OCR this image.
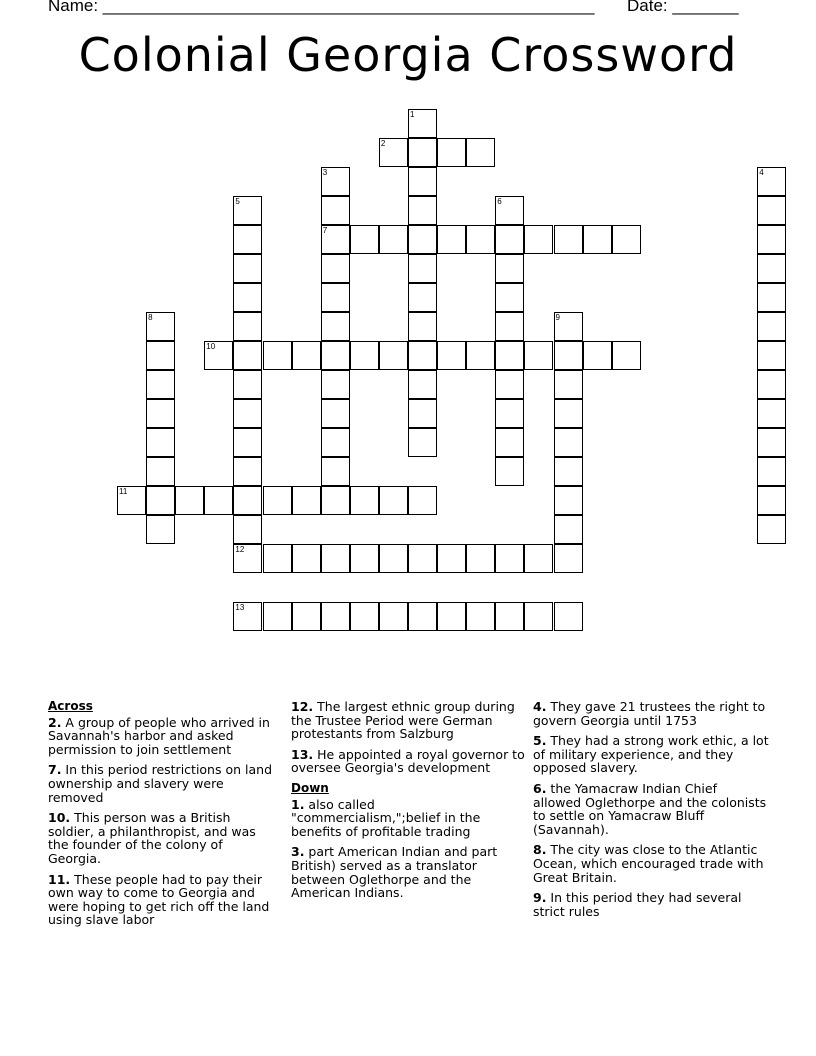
Name: ____________________________________________________ Date: _______
Colonial Georgia Crossword
1
2
3
7
4
5
12
6
8	9
10
11
13
Across
2. A group of people who arrived in Savannah's harbor and asked permission to join settlement
7. In this period restrictions on land ownership and slavery were removed
10. This person was a British soldier, a philanthropist, and was the founder of the colony of Georgia.
11. These people had to pay their own way to come to Georgia and were hoping to get rich off the land using slave labor
12. The largest ethnic group during the Trustee Period were German protestants from Salzburg
13. He appointed a royal governor to oversee Georgia's development
Down
1. also called "commercialism,";belief in the benefits of profitable trading
3. part American Indian and part British) served as a translator between Oglethorpe and the American Indians.
4. They gave 21 trustees the right to govern Georgia until 1753
5. They had a strong work ethic, a lot of military experience, and they opposed slavery.
6. the Yamacraw Indian Chief allowed Oglethorpe and the colonists to settle on Yamacraw Bluff (Savannah).
8. The city was close to the Atlantic Ocean, which encouraged trade with Great Britain.
9. In this period they had several strict rules
